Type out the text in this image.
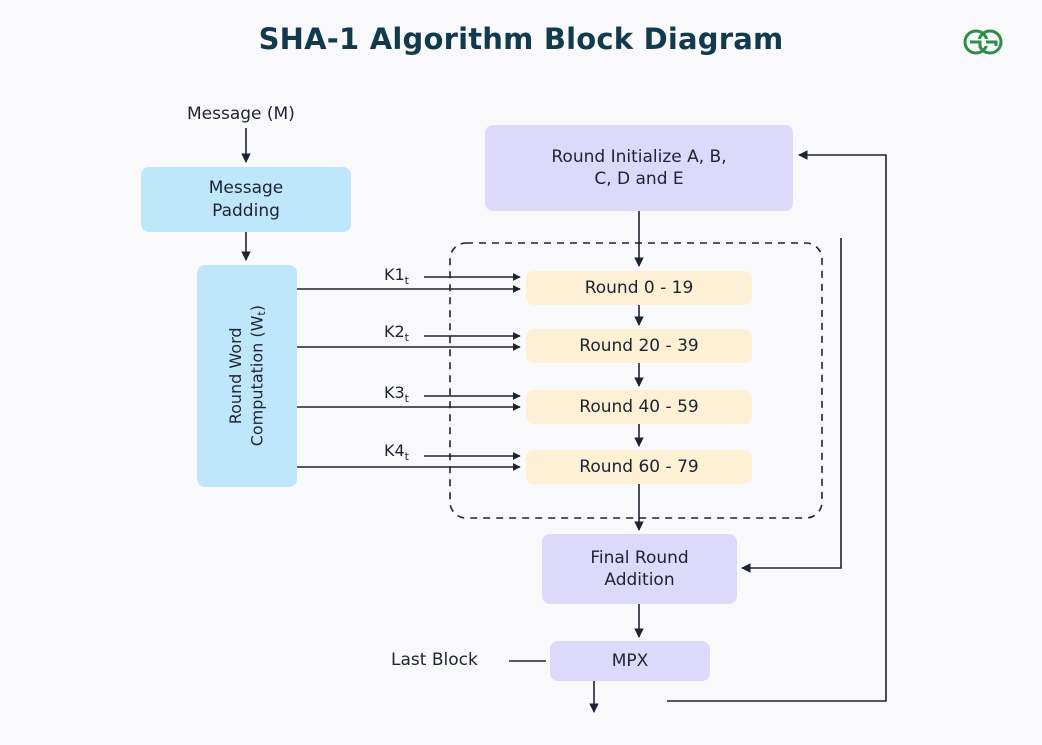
SHA-1 Algorithm Block Diagram
Message (M)
Last Block
$K1_t$
$K2_t$
$K3_t$
$K4_t$
Message
Padding
Round Word Computation $(W_t)$
Round Initialize A, B,
C, D and E
Round 0 - 19
Round 20 - 39
Round 40 - 59
Round 60 - 79
Final Round
Addition
MPX
